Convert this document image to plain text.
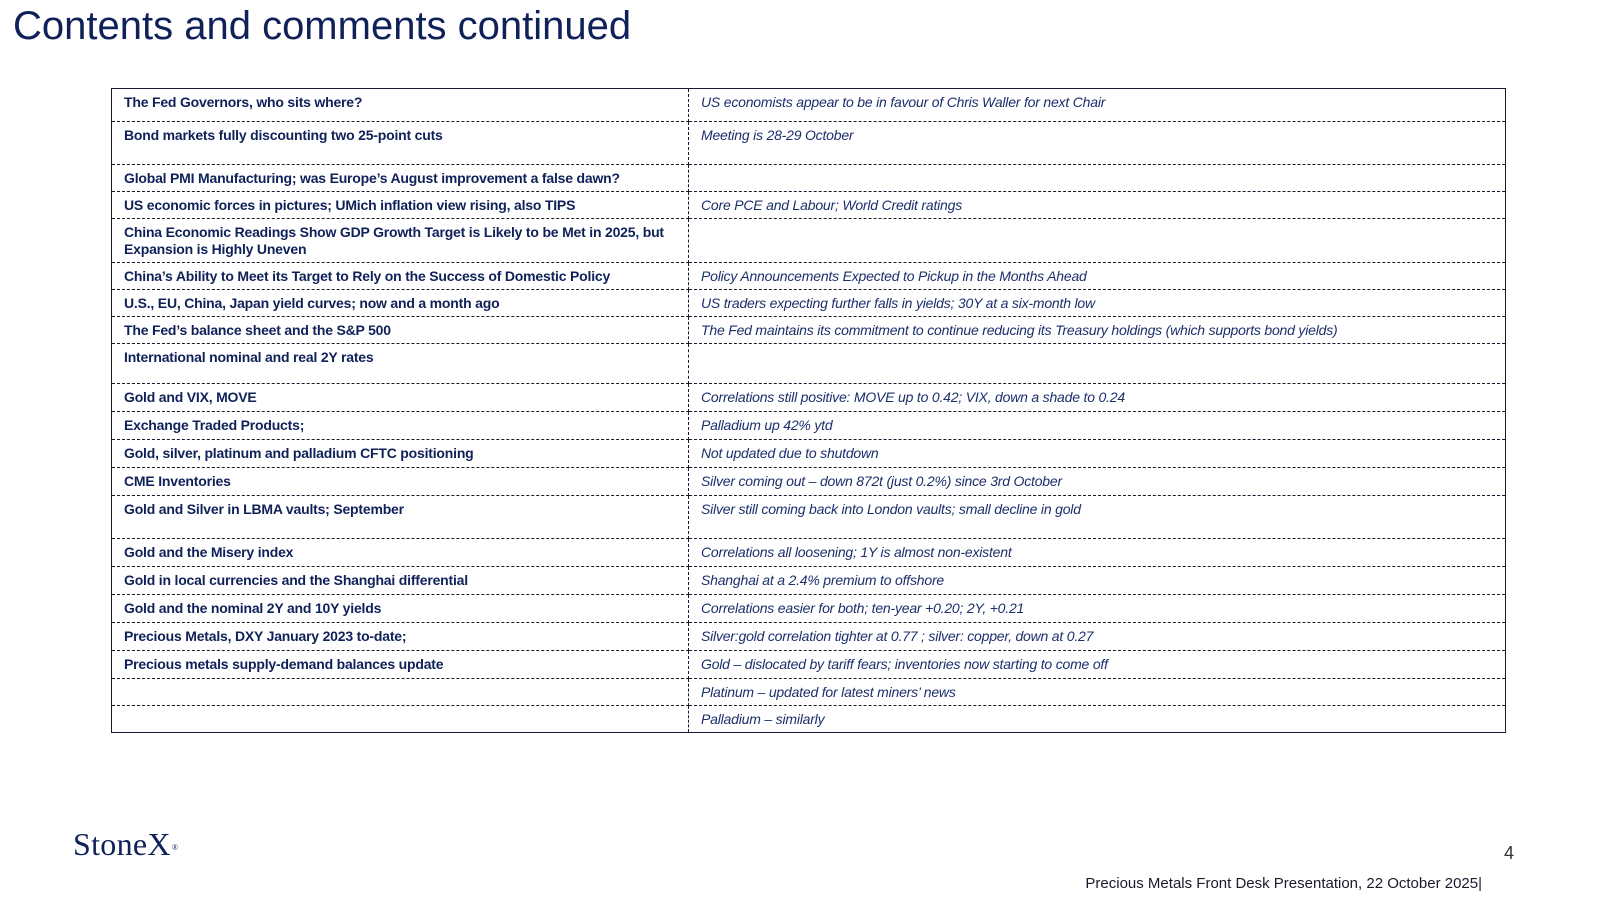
Contents and comments continued
The Fed Governors, who sits where?	US economists appear to be in favour of Chris Waller for next Chair
Bond markets fully discounting two 25-point cuts	Meeting is 28-29 October
Global PMI Manufacturing; was Europe’s August improvement a false dawn?	
US economic forces in pictures; UMich inflation view rising, also TIPS	Core PCE and Labour; World Credit ratings
China Economic Readings Show GDP Growth Target is Likely to be Met in 2025, but Expansion is Highly Uneven	
China’s Ability to Meet its Target to Rely on the Success of Domestic Policy	Policy Announcements Expected to Pickup in the Months Ahead
U.S., EU, China, Japan yield curves; now and a month ago	US traders expecting further falls in yields; 30Y at a six-month low
The Fed’s balance sheet and the S&P 500	The Fed maintains its commitment to continue reducing its Treasury holdings (which supports bond yields)
International nominal and real 2Y rates	
Gold and VIX, MOVE	Correlations still positive: MOVE up to 0.42; VIX, down a shade to 0.24
Exchange Traded Products;	Palladium up 42% ytd
Gold, silver, platinum and palladium CFTC positioning	Not updated due to shutdown
CME Inventories	Silver coming out – down 872t (just 0.2%) since 3rd October
Gold and Silver in LBMA vaults; September	Silver still coming back into London vaults; small decline in gold
Gold and the Misery index	Correlations all loosening; 1Y is almost non-existent
Gold in local currencies and the Shanghai differential	Shanghai at a 2.4% premium to offshore
Gold and the nominal 2Y and 10Y yields	Correlations easier for both; ten-year +0.20; 2Y, +0.21
Precious Metals, DXY January 2023 to-date;	Silver:gold correlation tighter at 0.77 ; silver: copper, down at 0.27
Precious metals supply-demand balances update	Gold – dislocated by tariff fears; inventories now starting to come off
	Platinum – updated for latest miners’ news
	Palladium – similarly
StoneX®	4
Precious Metals Front Desk Presentation, 22 October 2025|
